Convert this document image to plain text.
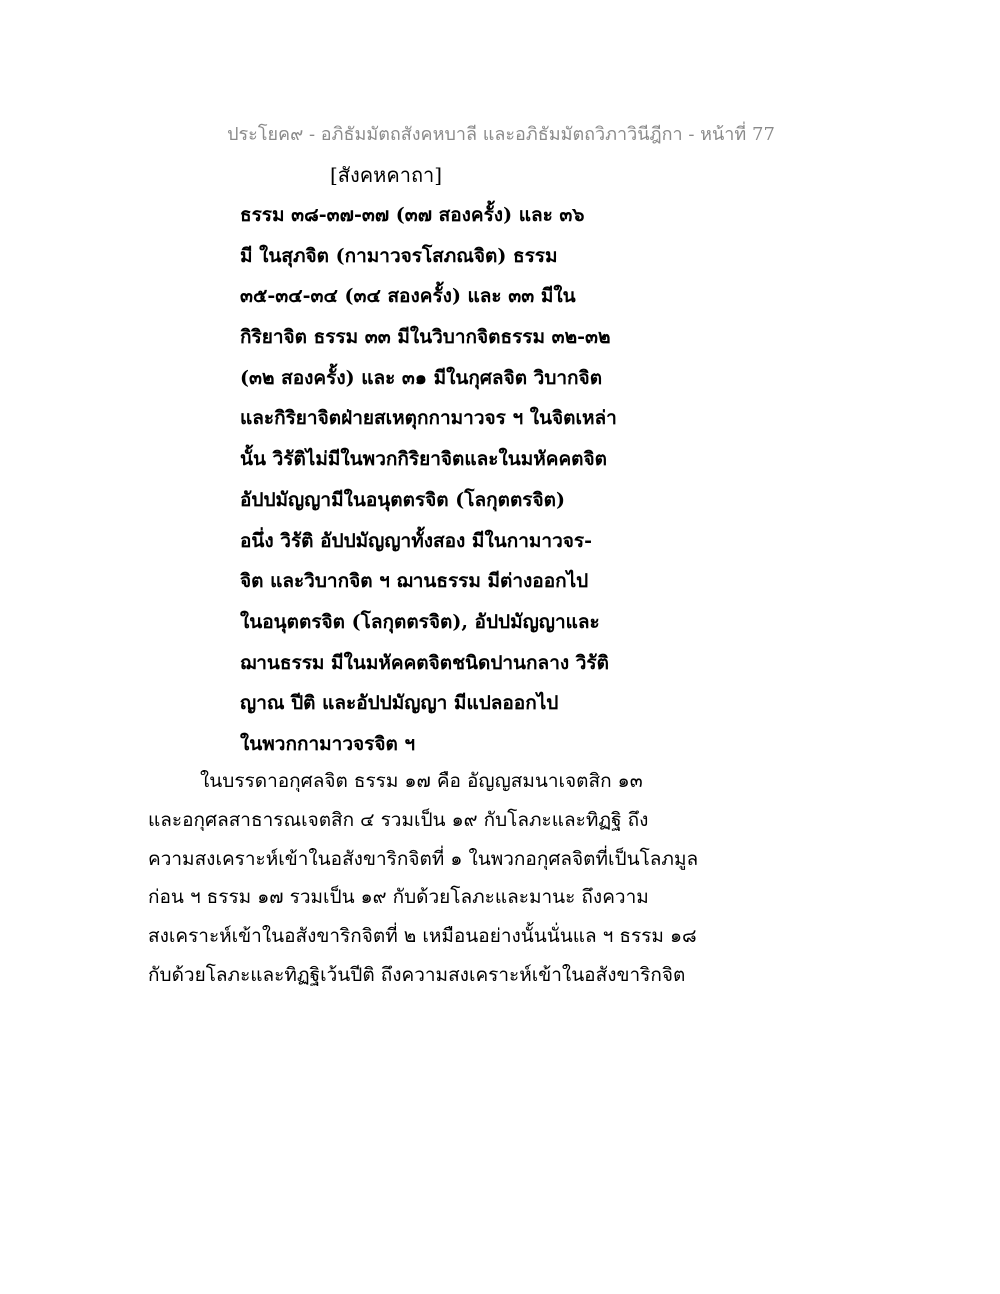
ประโยค๙ - อภิธัมมัตถสังคหบาลี และอภิธัมมัตถวิภาวินีฎีกา - หน้าที่ 77
[สังคหคาถา]
ธรรม ๓๘-๓๗-๓๗ (๓๗ สองครั้ง) และ ๓๖
มี ในสุภจิต (กามาวจรโสภณจิต) ธรรม
๓๕-๓๔-๓๔ (๓๔ สองครั้ง) และ ๓๓ มีใน
กิริยาจิต ธรรม ๓๓ มีในวิบากจิตธรรม ๓๒-๓๒
(๓๒ สองครั้ง) และ ๓๑ มีในกุศลจิต วิบากจิต
และกิริยาจิตฝ่ายสเหตุกกามาวจร ฯ ในจิตเหล่า
นั้น วิรัติไม่มีในพวกกิริยาจิตและในมหัคคตจิต
อัปปมัญญามีในอนุตตรจิต (โลกุตตรจิต)
อนึ่ง วิรัติ อัปปมัญญาทั้งสอง มีในกามาวจร-
จิต และวิบากจิต ฯ ฌานธรรม มีต่างออกไป
ในอนุตตรจิต (โลกุตตรจิต), อัปปมัญญาและ
ฌานธรรม มีในมหัคคตจิตชนิดปานกลาง วิรัติ
ญาณ ปีติ และอัปปมัญญา มีแปลออกไป
ในพวกกามาวจรจิต ฯ
ในบรรดาอกุศลจิต ธรรม ๑๗ คือ อัญญสมนาเจตสิก ๑๓
และอกุศลสาธารณเจตสิก ๔ รวมเป็น ๑๙ กับโลภะและทิฏฐิ ถึง
ความสงเคราะห์เข้าในอสังขาริกจิตที่ ๑ ในพวกอกุศลจิตที่เป็นโลภมูล
ก่อน ฯ ธรรม ๑๗ รวมเป็น ๑๙ กับด้วยโลภะและมานะ ถึงความ
สงเคราะห์เข้าในอสังขาริกจิตที่ ๒ เหมือนอย่างนั้นนั่นแล ฯ ธรรม ๑๘
กับด้วยโลภะและทิฏฐิเว้นปีติ ถึงความสงเคราะห์เข้าในอสังขาริกจิต
